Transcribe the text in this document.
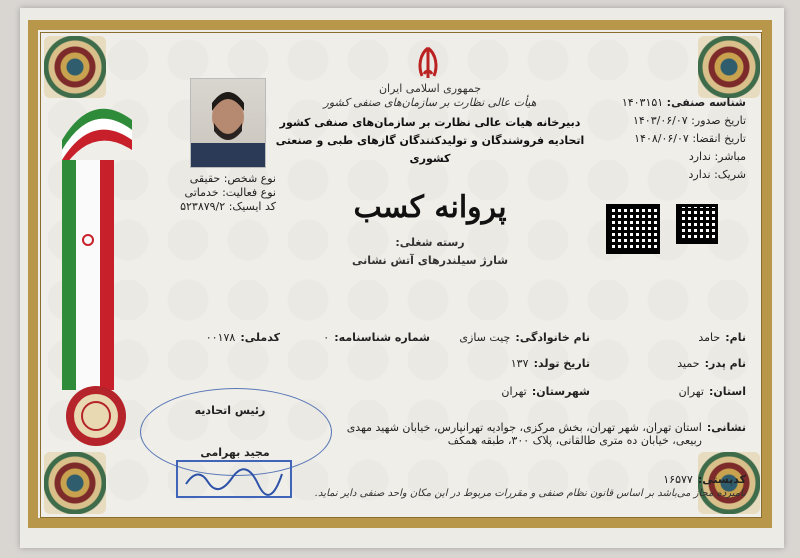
جمهوری اسلامی ایران
هیأت عالی نظارت بر سازمان‌های صنفی کشور
دبیرخانه هیات عالی نظارت بر سازمان‌های صنفی کشور
اتحادیه فروشندگان و تولیدکنندگان گازهای طبی و صنعتی
کشوری
پروانه کسب
رسته شغلی:
شارژ سیلندرهای آتش نشانی
شناسه صنفی: ۱۴۰۳۱۵۱
تاریخ صدور: ۱۴۰۳/۰۶/۰۷
تاریخ انقضا: ۱۴۰۸/۰۶/۰۷
مباشر: ندارد
شریک: ندارد
نوع شخص: حقیقی
نوع فعالیت: خدماتی
کد ایسیک: ۵۲۳۸۷۹/۲
نام: حامد
نام خانوادگی: چیت سازی
شماره شناسنامه: ۰
کدملی: ۰۰۱۷۸
نام پدر: حمید
تاریخ تولد: ۱۳۷
استان: تهران
شهرستان: تهران
نشانی: استان تهران، شهر تهران، بخش مرکزی، جواديه تهرانپارس، خيابان شهيد مهدی
ربیعی، خیابان ده متری طالقانی، پلاک ۳۰۰، طبقه همکف
کدپستی: ۱۶۵۷۷
رئیس اتحادیه
مجید بهرامی
نامبرده مجاز می‌باشد بر اساس قانون نظام صنفی و مقررات مربوط در این مکان واحد صنفی دایر نماید.
